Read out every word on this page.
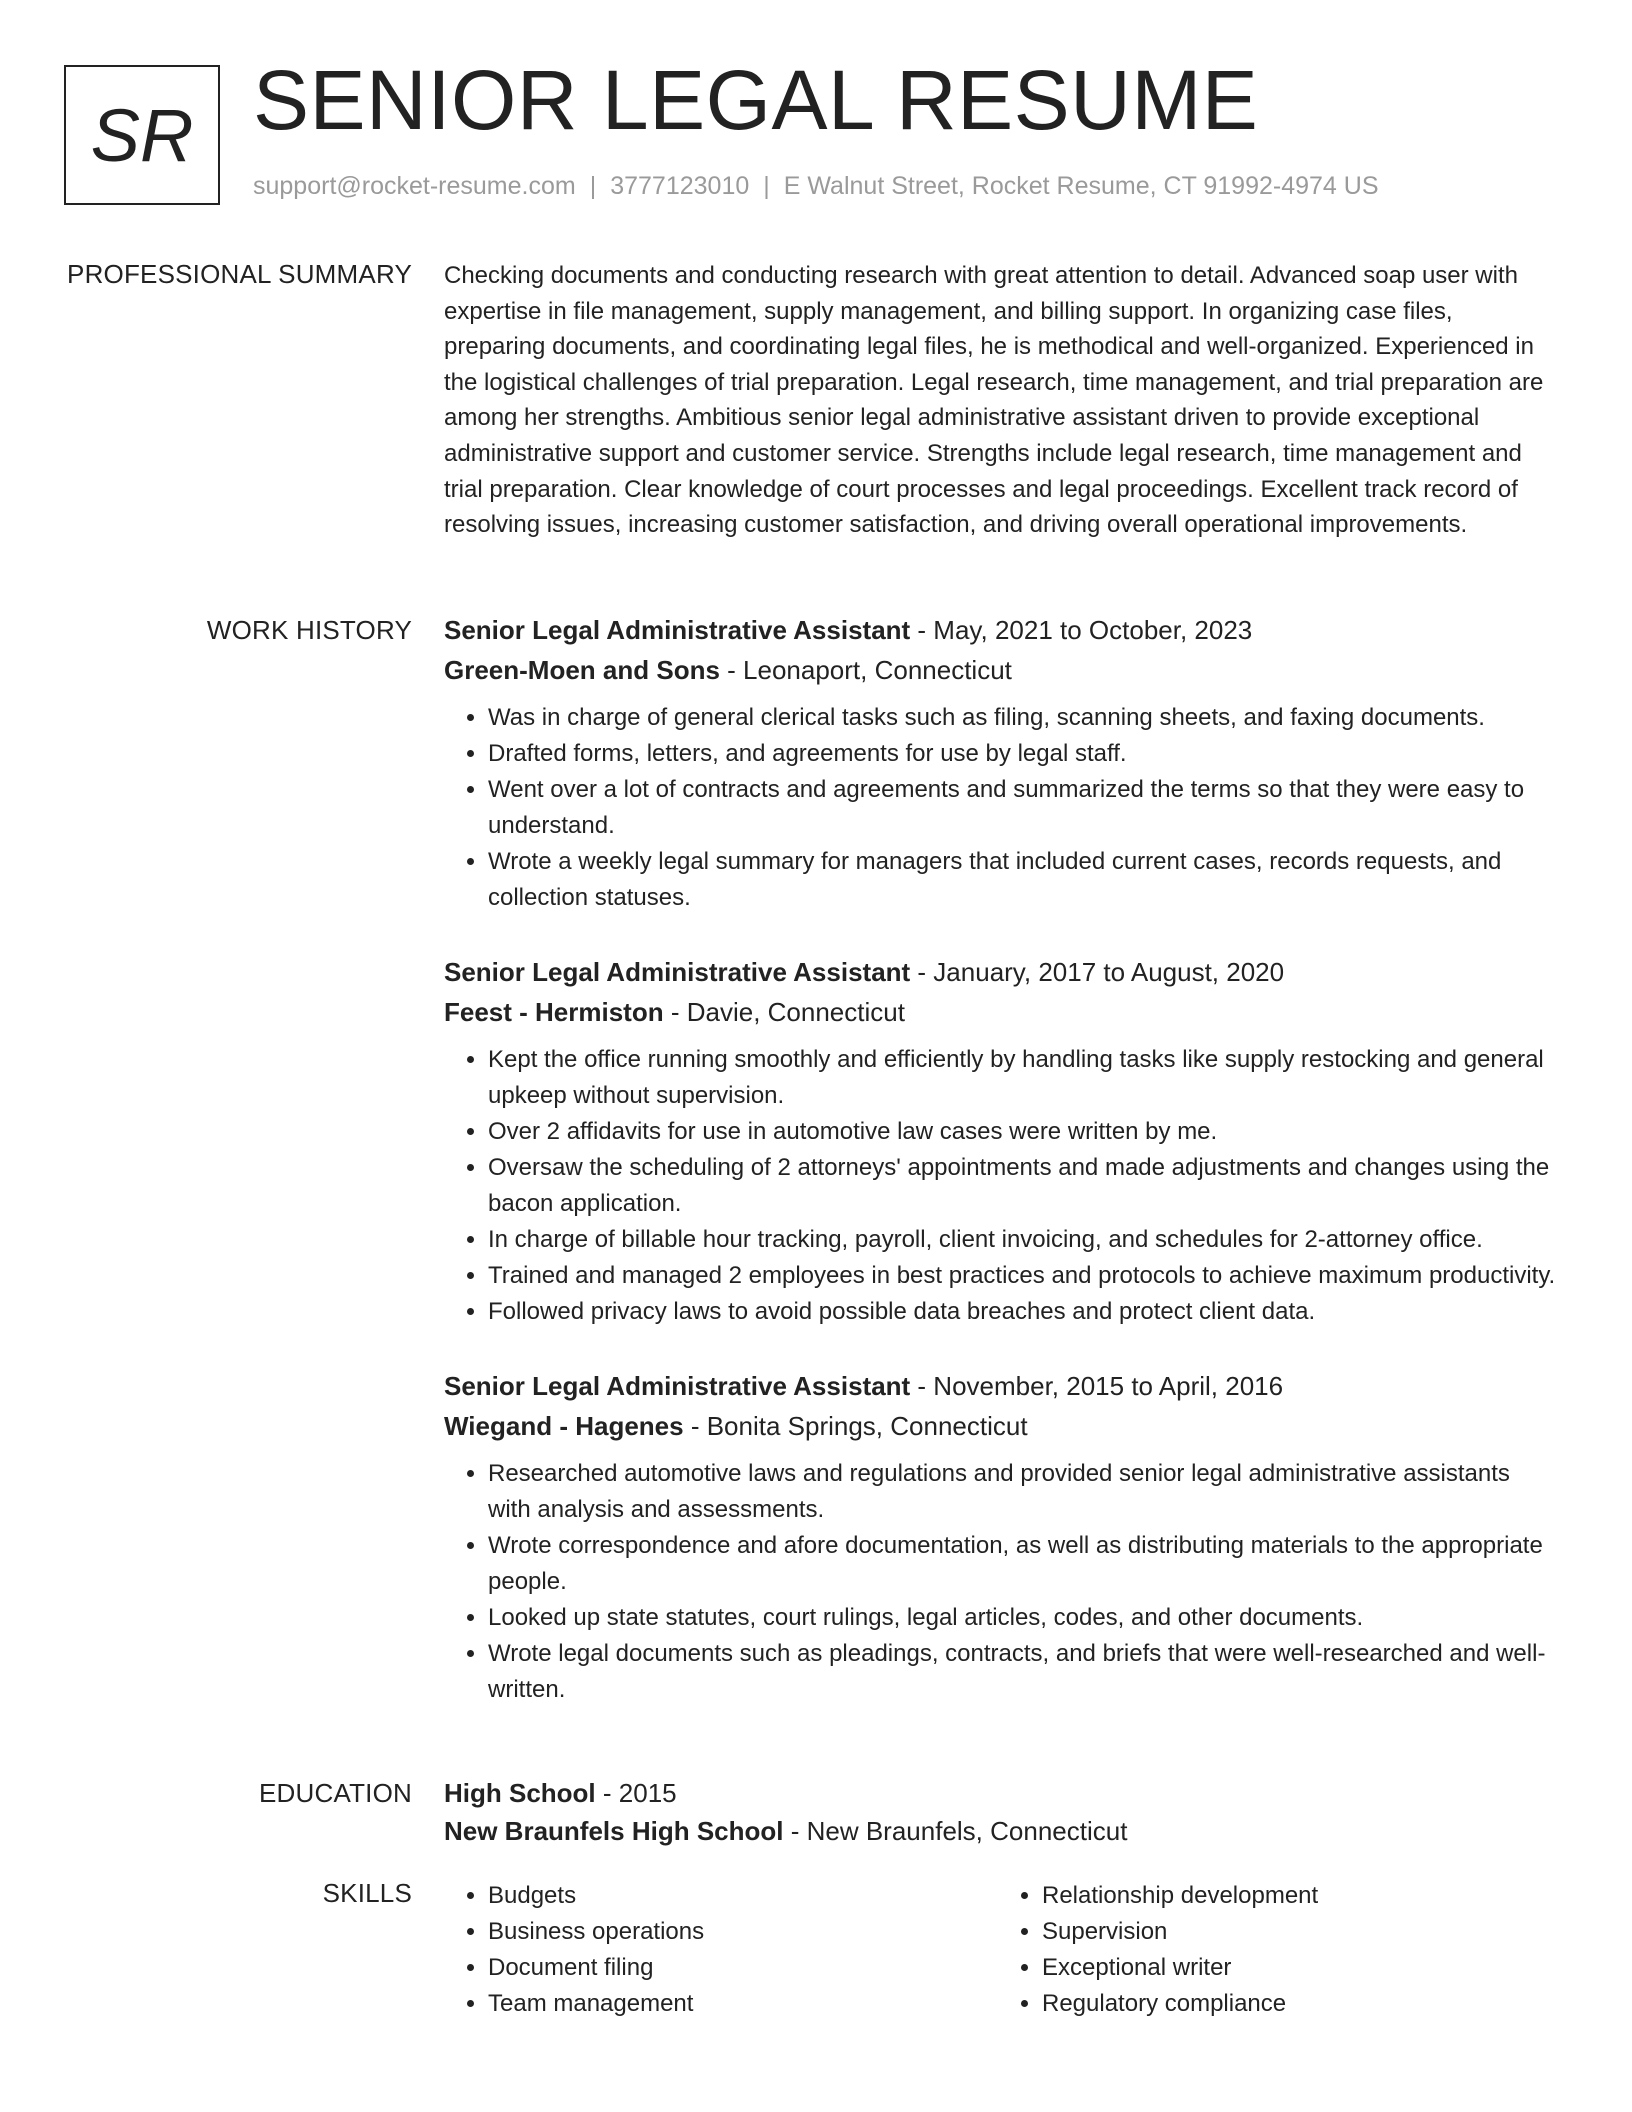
SR SENIOR LEGAL RESUME
support@rocket-resume.com | 3777123010 | E Walnut Street, Rocket Resume, CT 91992-4974 US
PROFESSIONAL SUMMARY Checking documents and conducting research with great attention to detail. Advanced soap user with expertise in file management, supply management, and billing support. In organizing case files, preparing documents, and coordinating legal files, he is methodical and well-organized. Experienced in the logistical challenges of trial preparation. Legal research, time management, and trial preparation are among her strengths. Ambitious senior legal administrative assistant driven to provide exceptional administrative support and customer service. Strengths include legal research, time management and trial preparation. Clear knowledge of court processes and legal proceedings. Excellent track record of resolving issues, increasing customer satisfaction, and driving overall operational improvements.

WORK HISTORY Senior Legal Administrative Assistant - May, 2021 to October, 2023
Green-Moen and Sons - Leonaport, Connecticut
• Was in charge of general clerical tasks such as filing, scanning sheets, and faxing documents.
• Drafted forms, letters, and agreements for use by legal staff.
• Went over a lot of contracts and agreements and summarized the terms so that they were easy to understand.
• Wrote a weekly legal summary for managers that included current cases, records requests, and collection statuses.
Senior Legal Administrative Assistant - January, 2017 to August, 2020
Feest - Hermiston - Davie, Connecticut
• Kept the office running smoothly and efficiently by handling tasks like supply restocking and general upkeep without supervision.
• Over 2 affidavits for use in automotive law cases were written by me.
• Oversaw the scheduling of 2 attorneys' appointments and made adjustments and changes using the bacon application.
• In charge of billable hour tracking, payroll, client invoicing, and schedules for 2-attorney office.
• Trained and managed 2 employees in best practices and protocols to achieve maximum productivity.
• Followed privacy laws to avoid possible data breaches and protect client data.
Senior Legal Administrative Assistant - November, 2015 to April, 2016
Wiegand - Hagenes - Bonita Springs, Connecticut
• Researched automotive laws and regulations and provided senior legal administrative assistants with analysis and assessments.
• Wrote correspondence and afore documentation, as well as distributing materials to the appropriate people.
• Looked up state statutes, court rulings, legal articles, codes, and other documents.
• Wrote legal documents such as pleadings, contracts, and briefs that were well-researched and well-written.
EDUCATION High School - 2015
New Braunfels High School - New Braunfels, Connecticut
SKILLS
•	Budgets
• Business operations
• Document filing
• Team management
• Relationship development
• Supervision
• Exceptional writer
• Regulatory compliance
